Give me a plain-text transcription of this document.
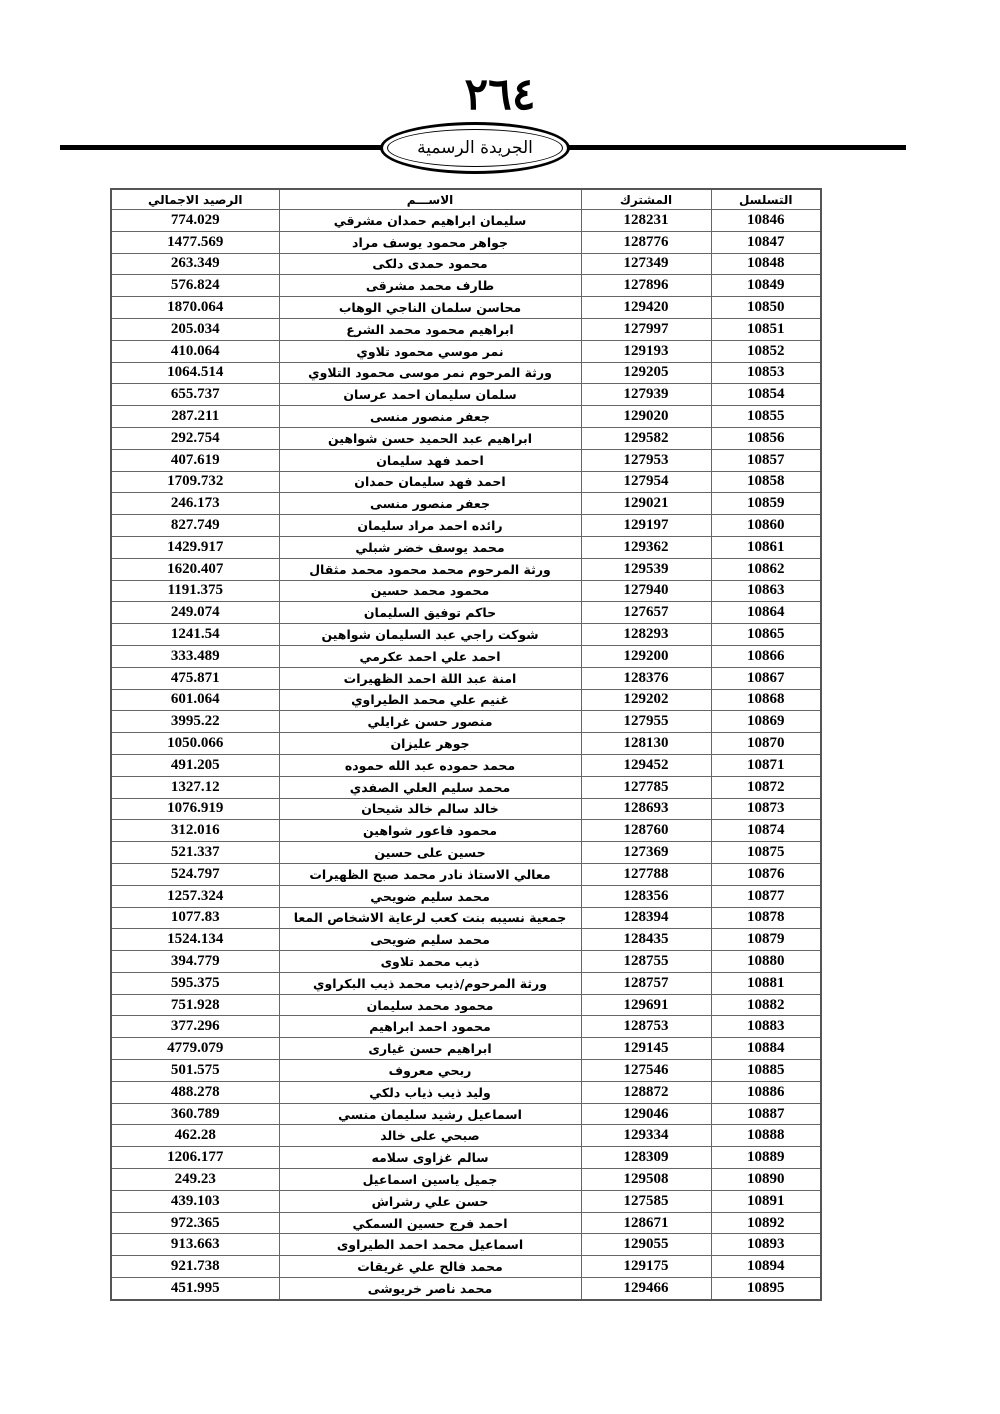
٢٦٤
الجريدة الرسمية
التسلسل	المشترك	الاســـم	الرصيد الاجمالي
10846	128231	سليمان ابراهيم حمدان مشرقي	774.029
10847	128776	جواهر محمود يوسف مراد	1477.569
10848	127349	محمود حمدى دلكى	263.349
10849	127896	طارف محمد مشرقى	576.824
10850	129420	محاسن سلمان الناجي الوهاب	1870.064
10851	127997	ابراهيم محمود محمد الشرع	205.034
10852	129193	نمر موسي محمود تلاوي	410.064
10853	129205	ورثة المرحوم نمر موسى محمود التلاوي	1064.514
10854	127939	سلمان سليمان احمد عرسان	655.737
10855	129020	جعفر منصور منسى	287.211
10856	129582	ابراهيم عبد الحميد حسن شواهين	292.754
10857	127953	احمد فهد سليمان	407.619
10858	127954	احمد فهد سليمان حمدان	1709.732
10859	129021	جعفر منصور منسى	246.173
10860	129197	رائده احمد مراد سليمان	827.749
10861	129362	محمد يوسف خضر شبلي	1429.917
10862	129539	ورثة المرحوم محمد محمود محمد مثقال	1620.407
10863	127940	محمود محمد حسين	1191.375
10864	127657	حاكم توفيق السليمان	249.074
10865	128293	شوكت راجي عبد السليمان شواهين	1241.54
10866	129200	احمد علي احمد عكرمي	333.489
10867	128376	امنة عبد اللة احمد الظهيرات	475.871
10868	129202	غنيم علي محمد الطيراوي	601.064
10869	127955	منصور حسن غرايلي	3995.22
10870	128130	جوهر عليزان	1050.066
10871	129452	محمد حموده عبد الله حموده	491.205
10872	127785	محمد سليم العلي الصفدي	1327.12
10873	128693	خالد سالم خالد شيحان	1076.919
10874	128760	محمود فاعور شواهين	312.016
10875	127369	حسين على حسين	521.337
10876	127788	معالي الاستاذ نادر محمد صبح الظهيرات	524.797
10877	128356	محمد سليم ضويحي	1257.324
10878	128394	جمعية نسيبه بنت كعب لرعاية الاشخاص المعا	1077.83
10879	128435	محمد سليم ضويحى	1524.134
10880	128755	ذيب محمد تلاوى	394.779
10881	128757	ورثة المرحوم/ذيب محمد ذيب البكراوي	595.375
10882	129691	محمود محمد سليمان	751.928
10883	128753	محمود احمد ابراهيم	377.296
10884	129145	ابراهيم حسن غيارى	4779.079
10885	127546	ربحي معروف	501.575
10886	128872	وليد ذيب ذياب دلكي	488.278
10887	129046	اسماعيل رشيد سليمان منسي	360.789
10888	129334	صبحي على خالد	462.28
10889	128309	سالم غزاوى سلامه	1206.177
10890	129508	جميل ياسين اسماعيل	249.23
10891	127585	حسن علي رشراش	439.103
10892	128671	احمد فرج حسين السمكي	972.365
10893	129055	اسماعيل محمد احمد الطيراوى	913.663
10894	129175	محمد فالح علي غريقات	921.738
10895	129466	محمد ناصر خريوشى	451.995
